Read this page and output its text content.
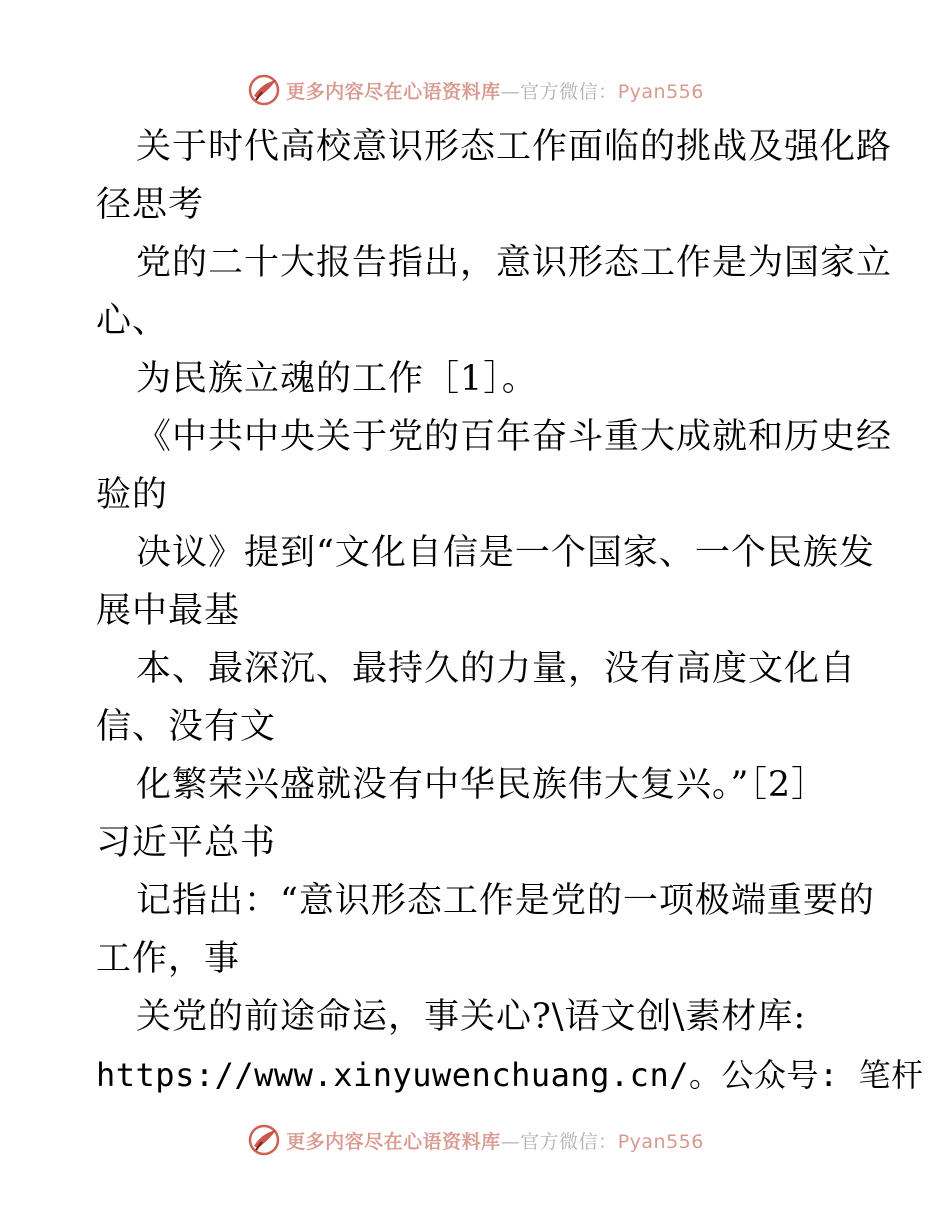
更多内容尽在心语资料库—官方微信：Pyan556
关于时代高校意识形态工作面临的挑战及强化路
径思考
党的二十大报告指出，意识形态工作是为国家立
心、
为民族立魂的工作［1］。
《中共中央关于党的百年奋斗重大成就和历史经
验的
决议》提到“文化自信是一个国家、一个民族发
展中最基
本、最深沉、最持久的力量，没有高度文化自
信、没有文
化繁荣兴盛就没有中华民族伟大复兴。”［2］
习近平总书
记指出：“意识形态工作是党的一项极端重要的
工作，事
关党的前途命运，事关心?\语文创\素材库:
https://www.xinyuwenchuang.cn/。公众号: 笔杆
更多内容尽在心语资料库—官方微信：Pyan556
